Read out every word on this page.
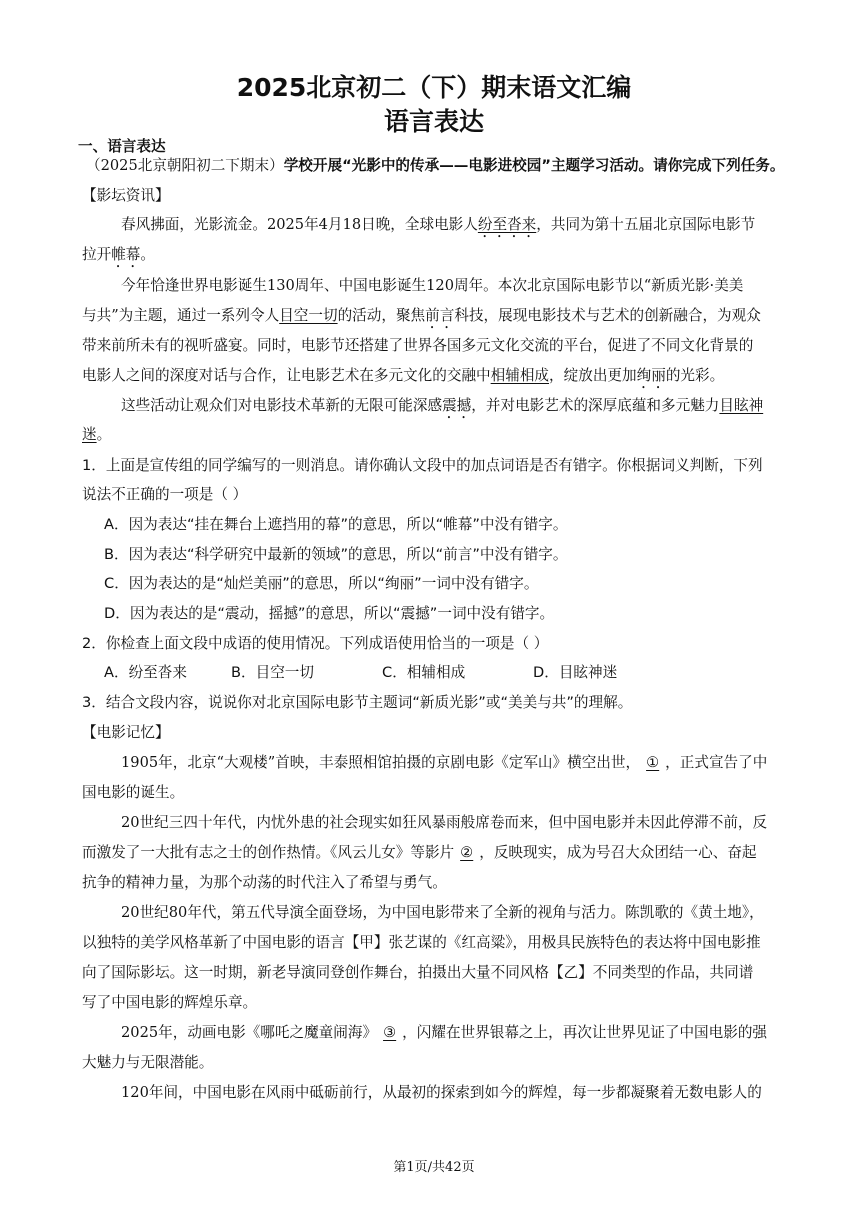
2025北京初二（下）期末语文汇编
语言表达
一、语言表达
（2025北京朝阳初二下期末）学校开展“光影中的传承——电影进校园”主题学习活动。请你完成下列任务。
【影坛资讯】
春风拂面，光影流金。2025年4月18日晚，全球电影人纷至沓来，共同为第十五届北京国际电影节
拉开帷幕。
今年恰逢世界电影诞生130周年、中国电影诞生120周年。本次北京国际电影节以“新质光影·美美
与共”为主题，通过一系列令人目空一切的活动，聚焦前言科技，展现电影技术与艺术的创新融合，为观众
带来前所未有的视听盛宴。同时，电影节还搭建了世界各国多元文化交流的平台，促进了不同文化背景的
电影人之间的深度对话与合作，让电影艺术在多元文化的交融中相辅相成，绽放出更加绚丽的光彩。
这些活动让观众们对电影技术革新的无限可能深感震撼，并对电影艺术的深厚底蕴和多元魅力目眩神
迷。
1．上面是宣传组的同学编写的一则消息。请你确认文段中的加点词语是否有错字。你根据词义判断，下列
说法不正确的一项是（ ）
A．因为表达“挂在舞台上遮挡用的幕”的意思，所以“帷幕”中没有错字。
B．因为表达“科学研究中最新的领域”的意思，所以“前言”中没有错字。
C．因为表达的是“灿烂美丽”的意思，所以“绚丽”一词中没有错字。
D．因为表达的是“震动，摇撼”的意思，所以“震撼”一词中没有错字。
2．你检查上面文段中成语的使用情况。下列成语使用恰当的一项是（ ）
A．纷至沓来	B．目空一切	C．相辅相成	D．目眩神迷
3．结合文段内容，说说你对北京国际电影节主题词“新质光影”或“美美与共”的理解。
【电影记忆】
1905年，北京“大观楼”首映，丰泰照相馆拍摄的京剧电影《定军山》横空出世， ① ，正式宣告了中
国电影的诞生。
20世纪三四十年代，内忧外患的社会现实如狂风暴雨般席卷而来，但中国电影并未因此停滞不前，反
而激发了一大批有志之士的创作热情。《风云儿女》等影片 ② ，反映现实，成为号召大众团结一心、奋起
抗争的精神力量，为那个动荡的时代注入了希望与勇气。
20世纪80年代，第五代导演全面登场，为中国电影带来了全新的视角与活力。陈凯歌的《黄土地》，
以独特的美学风格革新了中国电影的语言【甲】张艺谋的《红高粱》，用极具民族特色的表达将中国电影推
向了国际影坛。这一时期，新老导演同登创作舞台，拍摄出大量不同风格【乙】不同类型的作品，共同谱
写了中国电影的辉煌乐章。
2025年，动画电影《哪吒之魔童闹海》 ③ ，闪耀在世界银幕之上，再次让世界见证了中国电影的强
大魅力与无限潜能。
120年间，中国电影在风雨中砥砺前行，从最初的探索到如今的辉煌，每一步都凝聚着无数电影人的
第1页/共42页
